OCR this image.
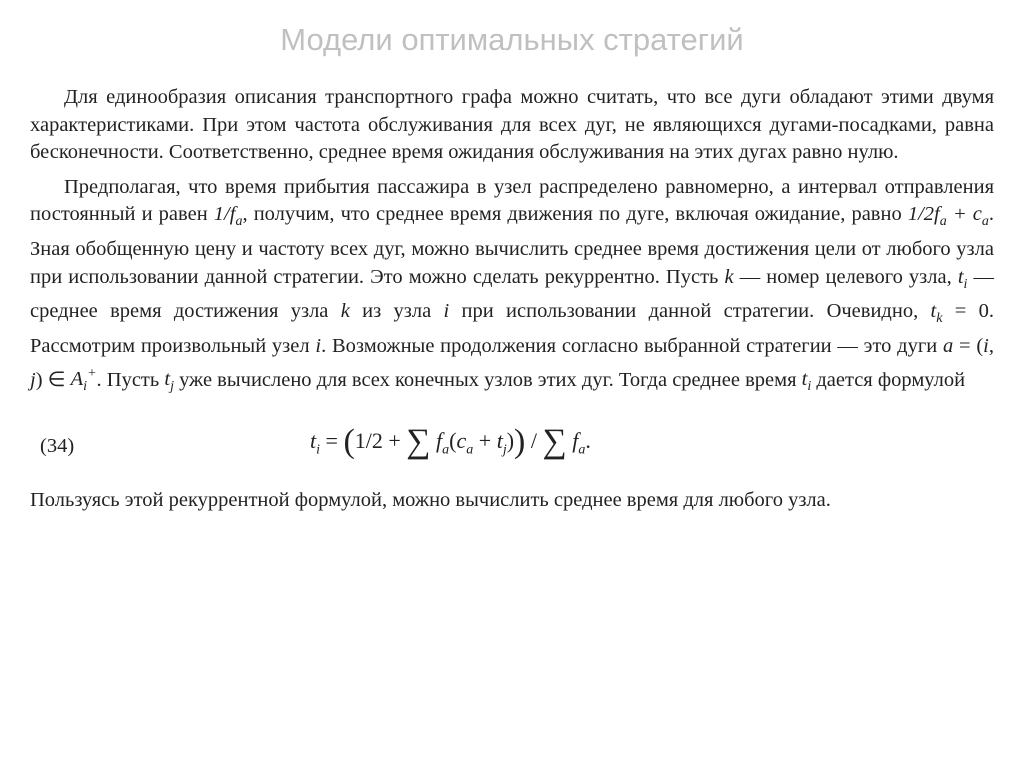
Модели оптимальных стратегий

Для единообразия описания транспортного графа можно считать, что все дуги обладают этими двумя характеристиками. При этом частота обслуживания для всех дуг, не являющихся дугами-посадками, равна бесконечности. Соответственно, среднее время ожидания обслуживания на этих дугах равно нулю.

Предполагая, что время прибытия пассажира в узел распределено равномерно, а интервал отправления постоянный и равен $1/f_a$, получим, что среднее время движения по дуге, включая ожидание, равно $1/2f_a + c_a$. Зная обобщенную цену и частоту всех дуг, можно вычислить среднее время достижения цели от любого узла при использовании данной стратегии. Это можно сделать рекуррентно. Пусть k — номер целевого узла, $t_i$ — среднее время достижения узла k из узла i при использовании данной стратегии. Очевидно, $t_k = 0$. Рассмотрим произвольный узел i. Возможные продолжения согласно выбранной стратегии — это дуги a = (i, j) ∈ $A_i^+$. Пусть $t_j$ уже вычислено для всех конечных узлов этих дуг. Тогда среднее время $t_i$ дается формулой

(34)	$t_i = (1/2$ + ∑ $f_a(c_a + t_j)$) / ∑ $f_a$.

Пользуясь этой рекуррентной формулой, можно вычислить среднее время для любого узла.
